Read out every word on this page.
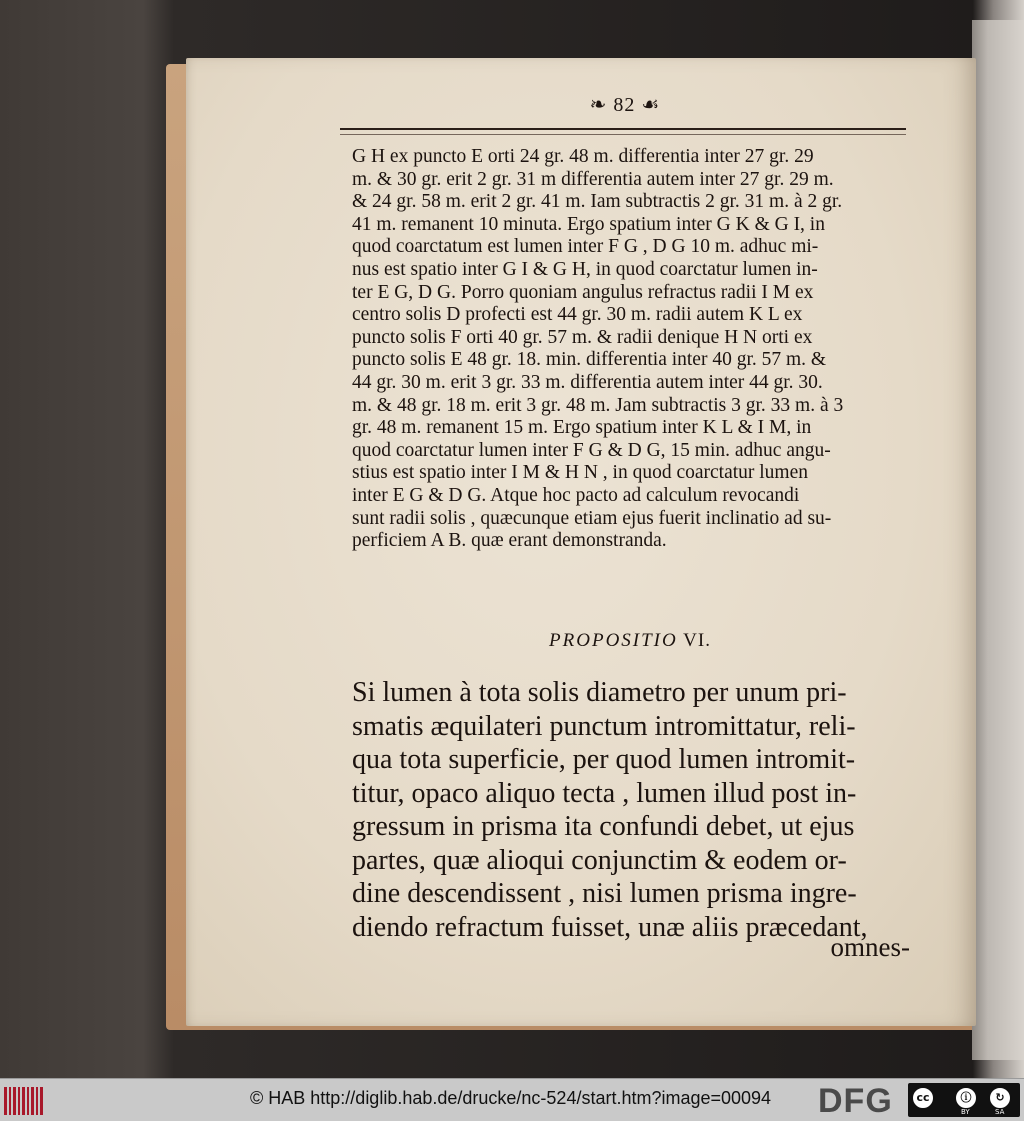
❧ 82 ☙
G H ex puncto E orti 24 gr. 48 m. differentia inter 27 gr. 29
m. & 30 gr. erit 2 gr. 31 m differentia autem inter 27 gr. 29 m.
& 24 gr. 58 m. erit 2 gr. 41 m. Iam subtractis 2 gr. 31 m. à 2 gr.
41 m. remanent 10 minuta. Ergo spatium inter G K & G I, in
quod coarctatum est lumen inter F G , D G 10 m. adhuc mi-
nus est spatio inter G I & G H, in quod coarctatur lumen in-
ter E G, D G. Porro quoniam angulus refractus radii I M ex
centro solis D profecti est 44 gr. 30 m. radii autem K L ex
puncto solis F orti 40 gr. 57 m. & radii denique H N orti ex
puncto solis E 48 gr. 18. min. differentia inter 40 gr. 57 m. &
44 gr. 30 m. erit 3 gr. 33 m. differentia autem inter 44 gr. 30.
m. & 48 gr. 18 m. erit 3 gr. 48 m. Jam subtractis 3 gr. 33 m. à 3
gr. 48 m. remanent 15 m. Ergo spatium inter K L & I M, in
quod coarctatur lumen inter F G & D G, 15 min. adhuc angu-
stius est spatio inter I M & H N , in quod coarctatur lumen
inter E G & D G. Atque hoc pacto ad calculum revocandi
sunt radii solis , quæcunque etiam ejus fuerit inclinatio ad su-
perficiem A B. quæ erant demonstranda.
PROPOSITIO VI.
Si lumen à tota solis diametro per unum pri-
smatis æquilateri punctum intromittatur, reli-
qua tota superficie, per quod lumen intromit-
titur, opaco aliquo tecta , lumen illud post in-
gressum in prisma ita confundi debet, ut ejus
partes, quæ alioqui conjunctim & eodem or-
dine descendissent , nisi lumen prisma ingre-
diendo refractum fuisset, unæ aliis præcedant,
omnes-
© HAB http://diglib.hab.de/drucke/nc-524/start.htm?image=00094 DFG	cc	ⓘ	↻
BY	SA
